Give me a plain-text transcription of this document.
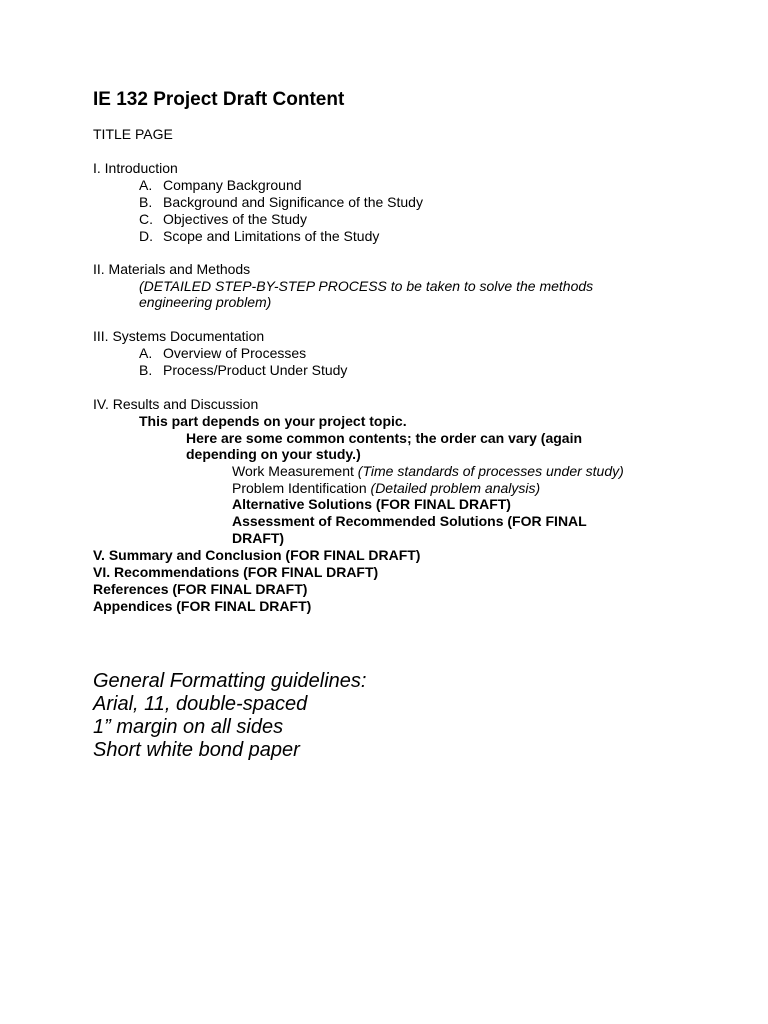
IE 132 Project Draft Content
TITLE PAGE
I. Introduction
A. Company Background
B. Background and Significance of the Study
C. Objectives of the Study
D. Scope and Limitations of the Study
II. Materials and Methods
(DETAILED STEP-BY-STEP PROCESS to be taken to solve the methods
engineering problem)
III. Systems Documentation
A. Overview of Processes
B. Process/Product Under Study
IV. Results and Discussion
This part depends on your project topic.
Here are some common contents; the order can vary (again
depending on your study.)
Work Measurement (Time standards of processes under study)
Problem Identification (Detailed problem analysis)
Alternative Solutions (FOR FINAL DRAFT)
Assessment of Recommended Solutions (FOR FINAL
DRAFT)
V. Summary and Conclusion (FOR FINAL DRAFT)
VI. Recommendations (FOR FINAL DRAFT)
References (FOR FINAL DRAFT)
Appendices (FOR FINAL DRAFT)
General Formatting guidelines:
Arial, 11, double-spaced
1” margin on all sides
Short white bond paper
